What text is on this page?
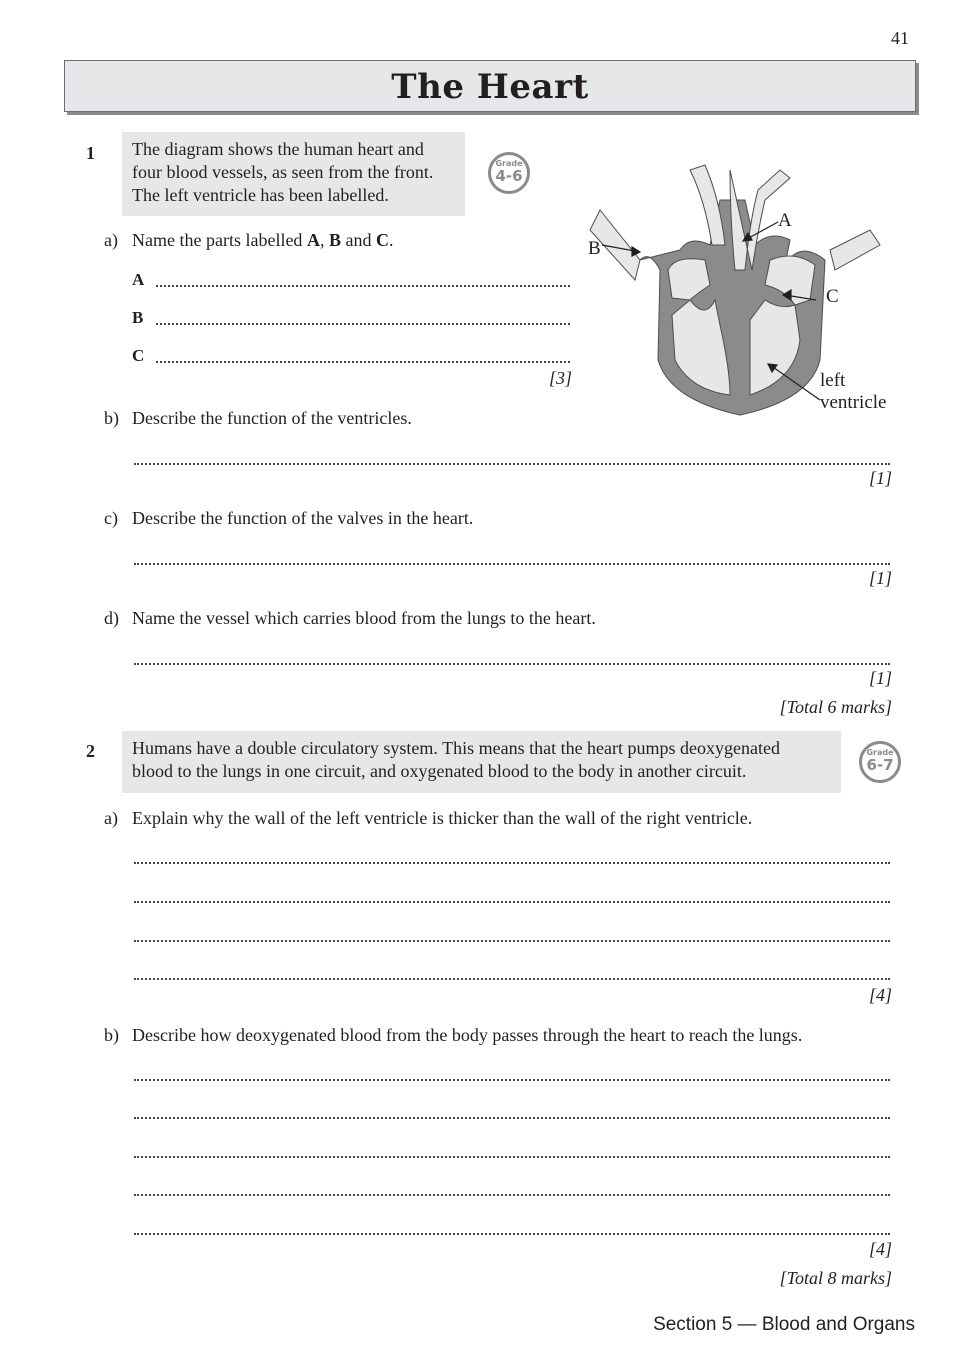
41
The Heart
1 The diagram shows the human heart and
four blood vessels, as seen from the front.
The left ventricle has been labelled.
Grade
4-6
A
B
C
left
ventricle
a) Name the parts labelled A, B and C.
A
B
C
[3]
b) Describe the function of the ventricles.
[1]
c) Describe the function of the valves in the heart.
[1]
d) Name the vessel which carries blood from the lungs to the heart.
[1]
[Total 6 marks]
2 Humans have a double circulatory system. This means that the heart pumps deoxygenated
blood to the lungs in one circuit, and oxygenated blood to the body in another circuit.
Grade
6-7
a) Explain why the wall of the left ventricle is thicker than the wall of the right ventricle.
[4]
b) Describe how deoxygenated blood from the body passes through the heart to reach the lungs.
[4]
[Total 8 marks]
Section 5 — Blood and Organs
